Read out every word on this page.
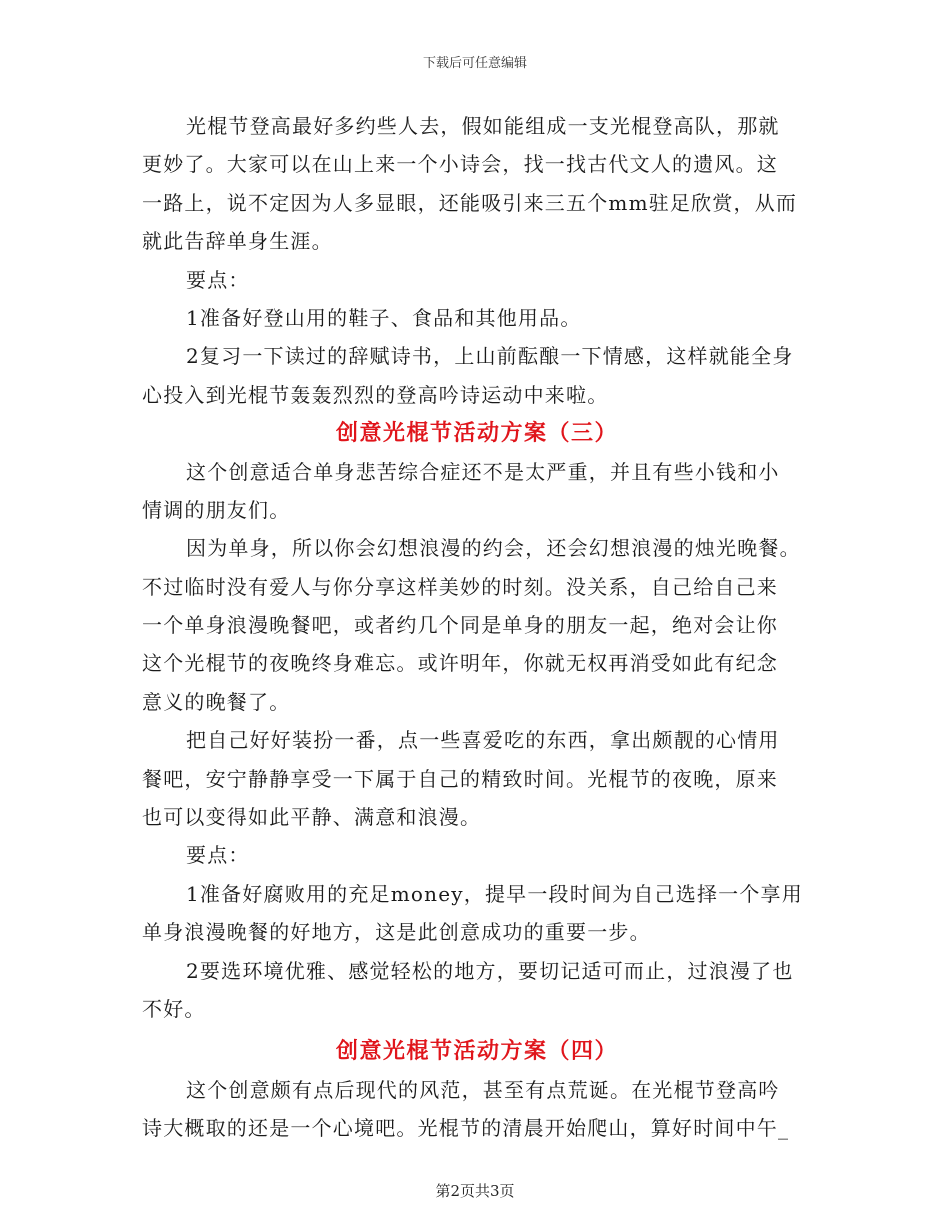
下载后可任意编辑
光棍节登高最好多约些人去，假如能组成一支光棍登高队，那就
更妙了。大家可以在山上来一个小诗会，找一找古代文人的遗风。这
一路上，说不定因为人多显眼，还能吸引来三五个mm驻足欣赏，从而
就此告辞单身生涯。
要点：
1准备好登山用的鞋子、食品和其他用品。
2复习一下读过的辞赋诗书，上山前酝酿一下情感，这样就能全身
心投入到光棍节轰轰烈烈的登高吟诗运动中来啦。
创意光棍节活动方案（三）
这个创意适合单身悲苦综合症还不是太严重，并且有些小钱和小
情调的朋友们。
因为单身，所以你会幻想浪漫的约会，还会幻想浪漫的烛光晚餐。
不过临时没有爱人与你分享这样美妙的时刻。没关系，自己给自己来
一个单身浪漫晚餐吧，或者约几个同是单身的朋友一起，绝对会让你
这个光棍节的夜晚终身难忘。或许明年，你就无权再消受如此有纪念
意义的晚餐了。
把自己好好装扮一番，点一些喜爱吃的东西，拿出颇靓的心情用
餐吧，安宁静静享受一下属于自己的精致时间。光棍节的夜晚，原来
也可以变得如此平静、满意和浪漫。
要点：
1准备好腐败用的充足money，提早一段时间为自己选择一个享用
单身浪漫晚餐的好地方，这是此创意成功的重要一步。
2要选环境优雅、感觉轻松的地方，要切记适可而止，过浪漫了也
不好。
创意光棍节活动方案（四）
这个创意颇有点后现代的风范，甚至有点荒诞。在光棍节登高吟
诗大概取的还是一个心境吧。光棍节的清晨开始爬山，算好时间中午_
第2页共3页
